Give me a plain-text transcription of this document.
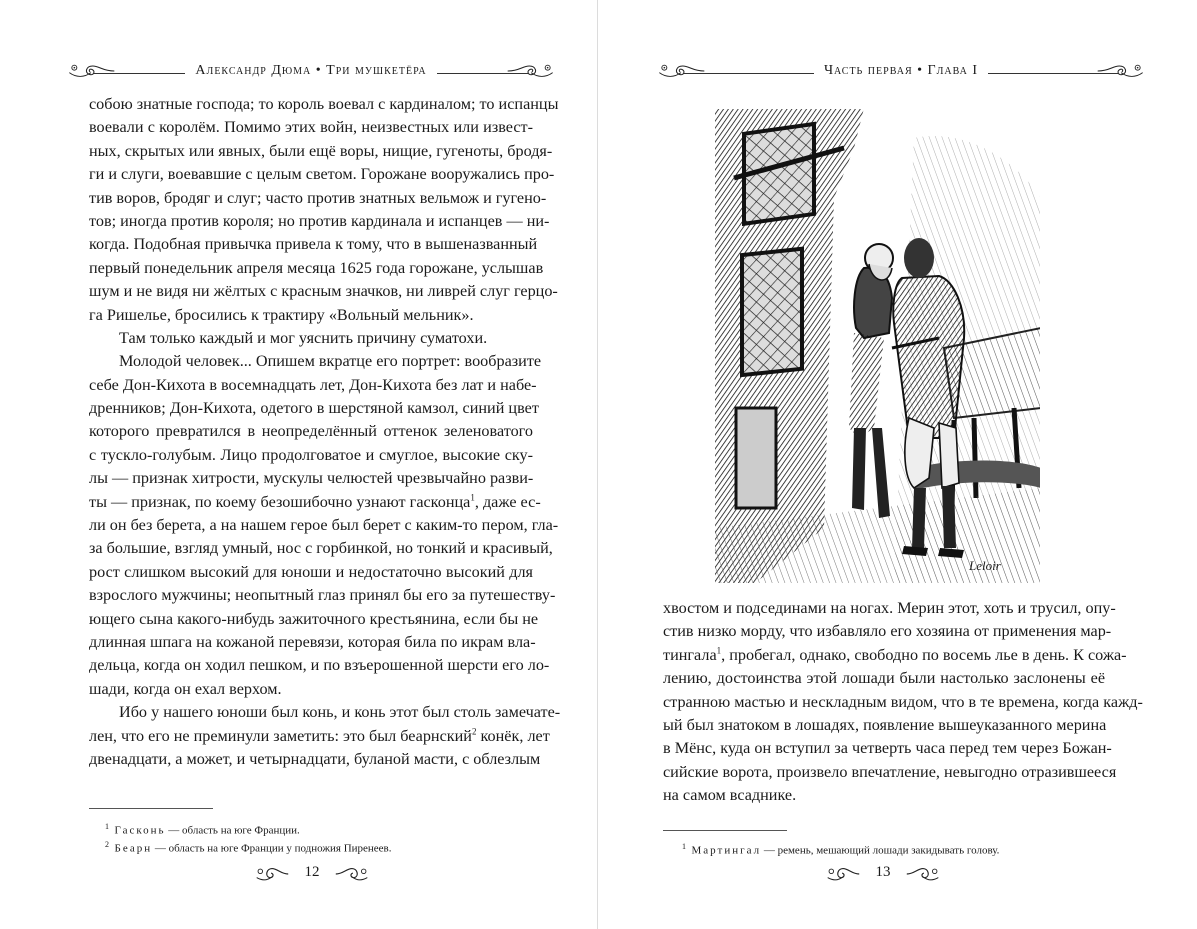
Александр Дюма • Три мушкетёра
собою знатные господа; то король воевал с кардиналом; то испанцы
воевали с королём. Помимо этих войн, неизвестных или извест-
ных, скрытых или явных, были ещё воры, нищие, гугеноты, бродя-
ги и слуги, воевавшие с целым светом. Горожане вооружались про-
тив воров, бродяг и слуг; часто против знатных вельмож и гугено-
тов; иногда против короля; но против кардинала и испанцев — ни-
когда. Подобная привычка привела к тому, что в вышеназванный
первый понедельник апреля месяца 1625 года горожане, услышав
шум и не видя ни жёлтых с красным значков, ни ливрей слуг герцо-
га Ришелье, бросились к трактиру «Вольный мельник».
Там только каждый и мог уяснить причину суматохи.
Молодой человек... Опишем вкратце его портрет: вообразите
себе Дон-Кихота в восемнадцать лет, Дон-Кихота без лат и набе-
дренников; Дон-Кихота, одетого в шерстяной камзол, синий цвет
которого превратился в неопределённый оттенок зеленоватого
с тускло-голубым. Лицо продолговатое и смуглое, высокие ску-
лы — признак хитрости, мускулы челюстей чрезвычайно разви-
ты — признак, по коему безошибочно узнают гасконца$^1$, даже ес-
ли он без берета, а на нашем герое был берет с каким-то пером, гла-
за большие, взгляд умный, нос с горбинкой, но тонкий и красивый,
рост слишком высокий для юноши и недостаточно высокий для
взрослого мужчины; неопытный глаз принял бы его за путешеству-
ющего сына какого-нибудь зажиточного крестьянина, если бы не
длинная шпага на кожаной перевязи, которая била по икрам вла-
дельца, когда он ходил пешком, и по взъерошенной шерсти его ло-
шади, когда он ехал верхом.
Ибо у нашего юноши был конь, и конь этот был столь замечате-
лен, что его не преминули заметить: это был беарнский$^2$ конёк, лет
двенадцати, а может, и четырнадцати, буланой масти, с облезлым
$^1$ Гасконь — область на юге Франции.
$^2$ Беарн — область на юге Франции у подножия Пиренеев.
12
Часть первая • Глава I
хвостом и подсединами на ногах. Мерин этот, хоть и трусил, опу-
стив низко морду, что избавляло его хозяина от применения мар-
тингала$^1$, пробегал, однако, свободно по восемь лье в день. К сожа-
лению, достоинства этой лошади были настолько заслонены её
странною мастью и нескладным видом, что в те времена, когда кажд-
ый был знатоком в лошадях, появление вышеуказанного мерина
в Мёнс, куда он вступил за четверть часа перед тем через Божан-
сийские ворота, произвело впечатление, невыгодно отразившееся
на самом всаднике.
$^1$ Мартингал — ремень, мешающий лошади закидывать голову.
13
Leloir
